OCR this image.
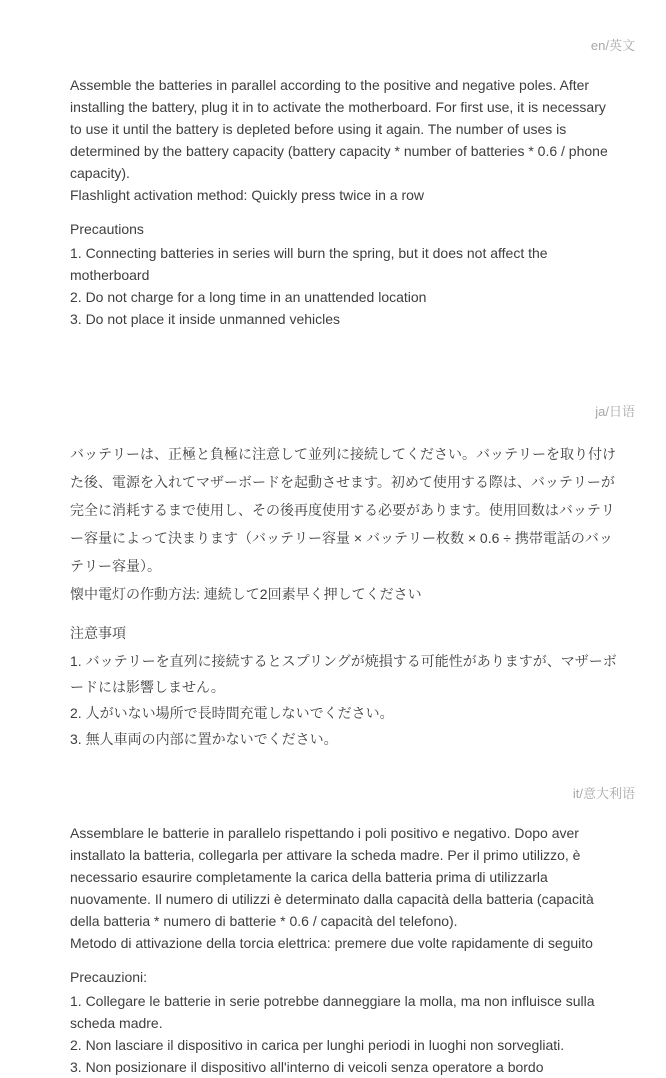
en/英文
Assemble the batteries in parallel according to the positive and negative poles. After installing the battery, plug it in to activate the motherboard. For first use, it is necessary to use it until the battery is depleted before using it again. The number of uses is determined by the battery capacity (battery capacity * number of batteries * 0.6 / phone capacity).
Flashlight activation method: Quickly press twice in a row
Precautions
1. Connecting batteries in series will burn the spring, but it does not affect the motherboard
2. Do not charge for a long time in an unattended location
3. Do not place it inside unmanned vehicles
ja/日语
バッテリーは、正極と負極に注意して並列に接続してください。バッテリーを取り付けた後、電源を入れてマザーボードを起動させます。初めて使用する際は、バッテリーが完全に消耗するまで使用し、その後再度使用する必要があります。使用回数はバッテリー容量によって決まります（バッテリー容量 × バッテリー枚数 × 0.6 ÷ 携帯電話のバッテリー容量）。
懐中電灯の作動方法: 連続して2回素早く押してください
注意事項
1. バッテリーを直列に接続するとスプリングが焼損する可能性がありますが、マザーボードには影響しません。
2. 人がいない場所で長時間充電しないでください。
3. 無人車両の内部に置かないでください。
it/意大利语
Assemblare le batterie in parallelo rispettando i poli positivo e negativo. Dopo aver installato la batteria, collegarla per attivare la scheda madre. Per il primo utilizzo, è necessario esaurire completamente la carica della batteria prima di utilizzarla nuovamente. Il numero di utilizzi è determinato dalla capacità della batteria (capacità della batteria * numero di batterie * 0.6 / capacità del telefono).
Metodo di attivazione della torcia elettrica: premere due volte rapidamente di seguito
Precauzioni:
1. Collegare le batterie in serie potrebbe danneggiare la molla, ma non influisce sulla scheda madre.
2. Non lasciare il dispositivo in carica per lunghi periodi in luoghi non sorvegliati.
3. Non posizionare il dispositivo all'interno di veicoli senza operatore a bordo
